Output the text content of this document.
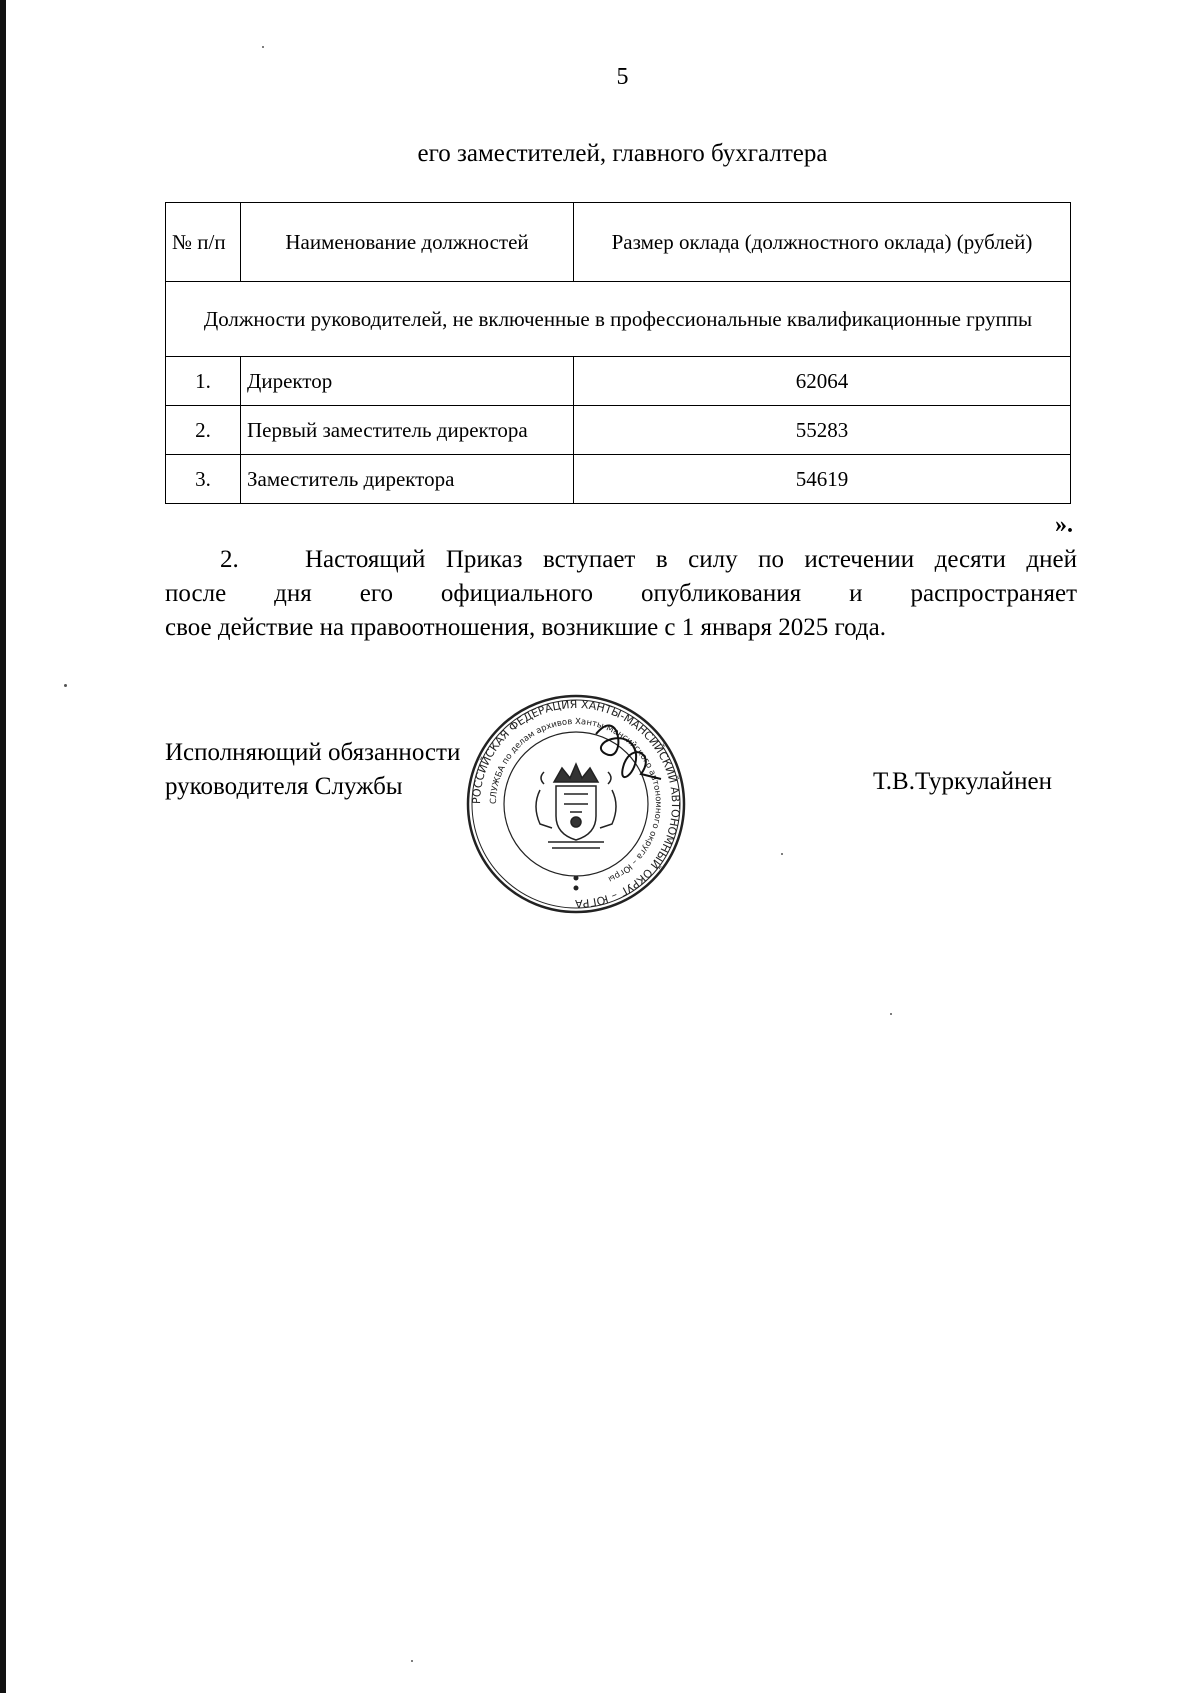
5
его заместителей, главного бухгалтера
№ п/п	Наименование должностей	Размер оклада (должностного оклада) (рублей)
Должности руководителей, не включенные в профессиональные квалификационные группы		
1.	Директор	62064
2.	Первый заместитель директора	55283
3.	Заместитель директора	54619
».
2.	Настоящий Приказ вступает в силу по истечении десяти дней
после дня его официального опубликования и распространяет
свое действие на правоотношения, возникшие с 1 января 2025 года.
Исполняющий обязанности
руководителя Службы	Т.В.Туркулайнен
РОССИЙСКАЯ ФЕДЕРАЦИЯ ХАНТЫ-МАНСИЙСКИЙ АВТОНОМНЫЙ ОКРУГ – ЮГРА
СЛУЖБА по делам архивов Ханты-Мансийского автономного округа – Югры
